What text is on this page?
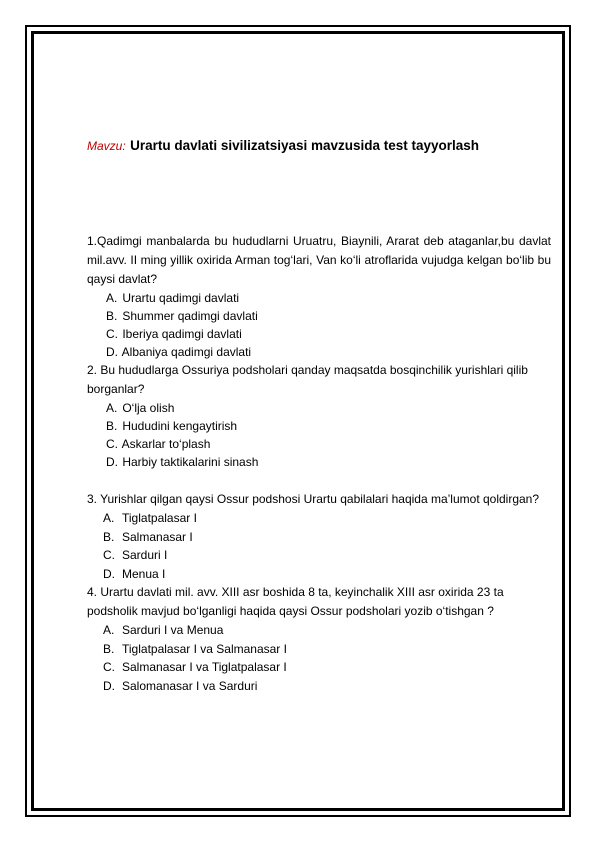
Mavzu: Urartu davlati sivilizatsiyasi mavzusida test tayyorlash

1.Qadimgi manbalarda bu hududlarni Uruatru, Biaynili, Ararat deb ataganlar,bu davlat mil.avv. II ming yillik oxirida Arman tog‘lari, Van ko‘li atroflarida vujudga kelgan bo‘lib bu qaysi davlat?

A. Urartu qadimgi davlati
B. Shummer qadimgi davlati
C. Iberiya qadimgi davlati
D. Albaniya qadimgi davlati

2. Bu hududlarga Ossuriya podsholari qanday maqsatda bosqinchilik yurishlari qilib borganlar?

A. O‘lja olish
B. Hududini kengaytirish
C. Askarlar to‘plash
D. Harbiy taktikalarini sinash

3. Yurishlar qilgan qaysi Ossur podshosi Urartu qabilalari haqida ma’lumot qoldirgan?

A. Tiglatpalasar I
B. Salmanasar I
C. Sarduri I
D. Menua I

4. Urartu davlati mil. avv. XIII asr boshida 8 ta, keyinchalik XIII asr oxirida 23 ta podsholik mavjud bo‘lganligi haqida qaysi Ossur podsholari yozib o‘tishgan ?

A. Sarduri I va Menua
B. Tiglatpalasar I va Salmanasar I
C. Salmanasar I va Tiglatpalasar I
D. Salomanasar I va Sarduri
